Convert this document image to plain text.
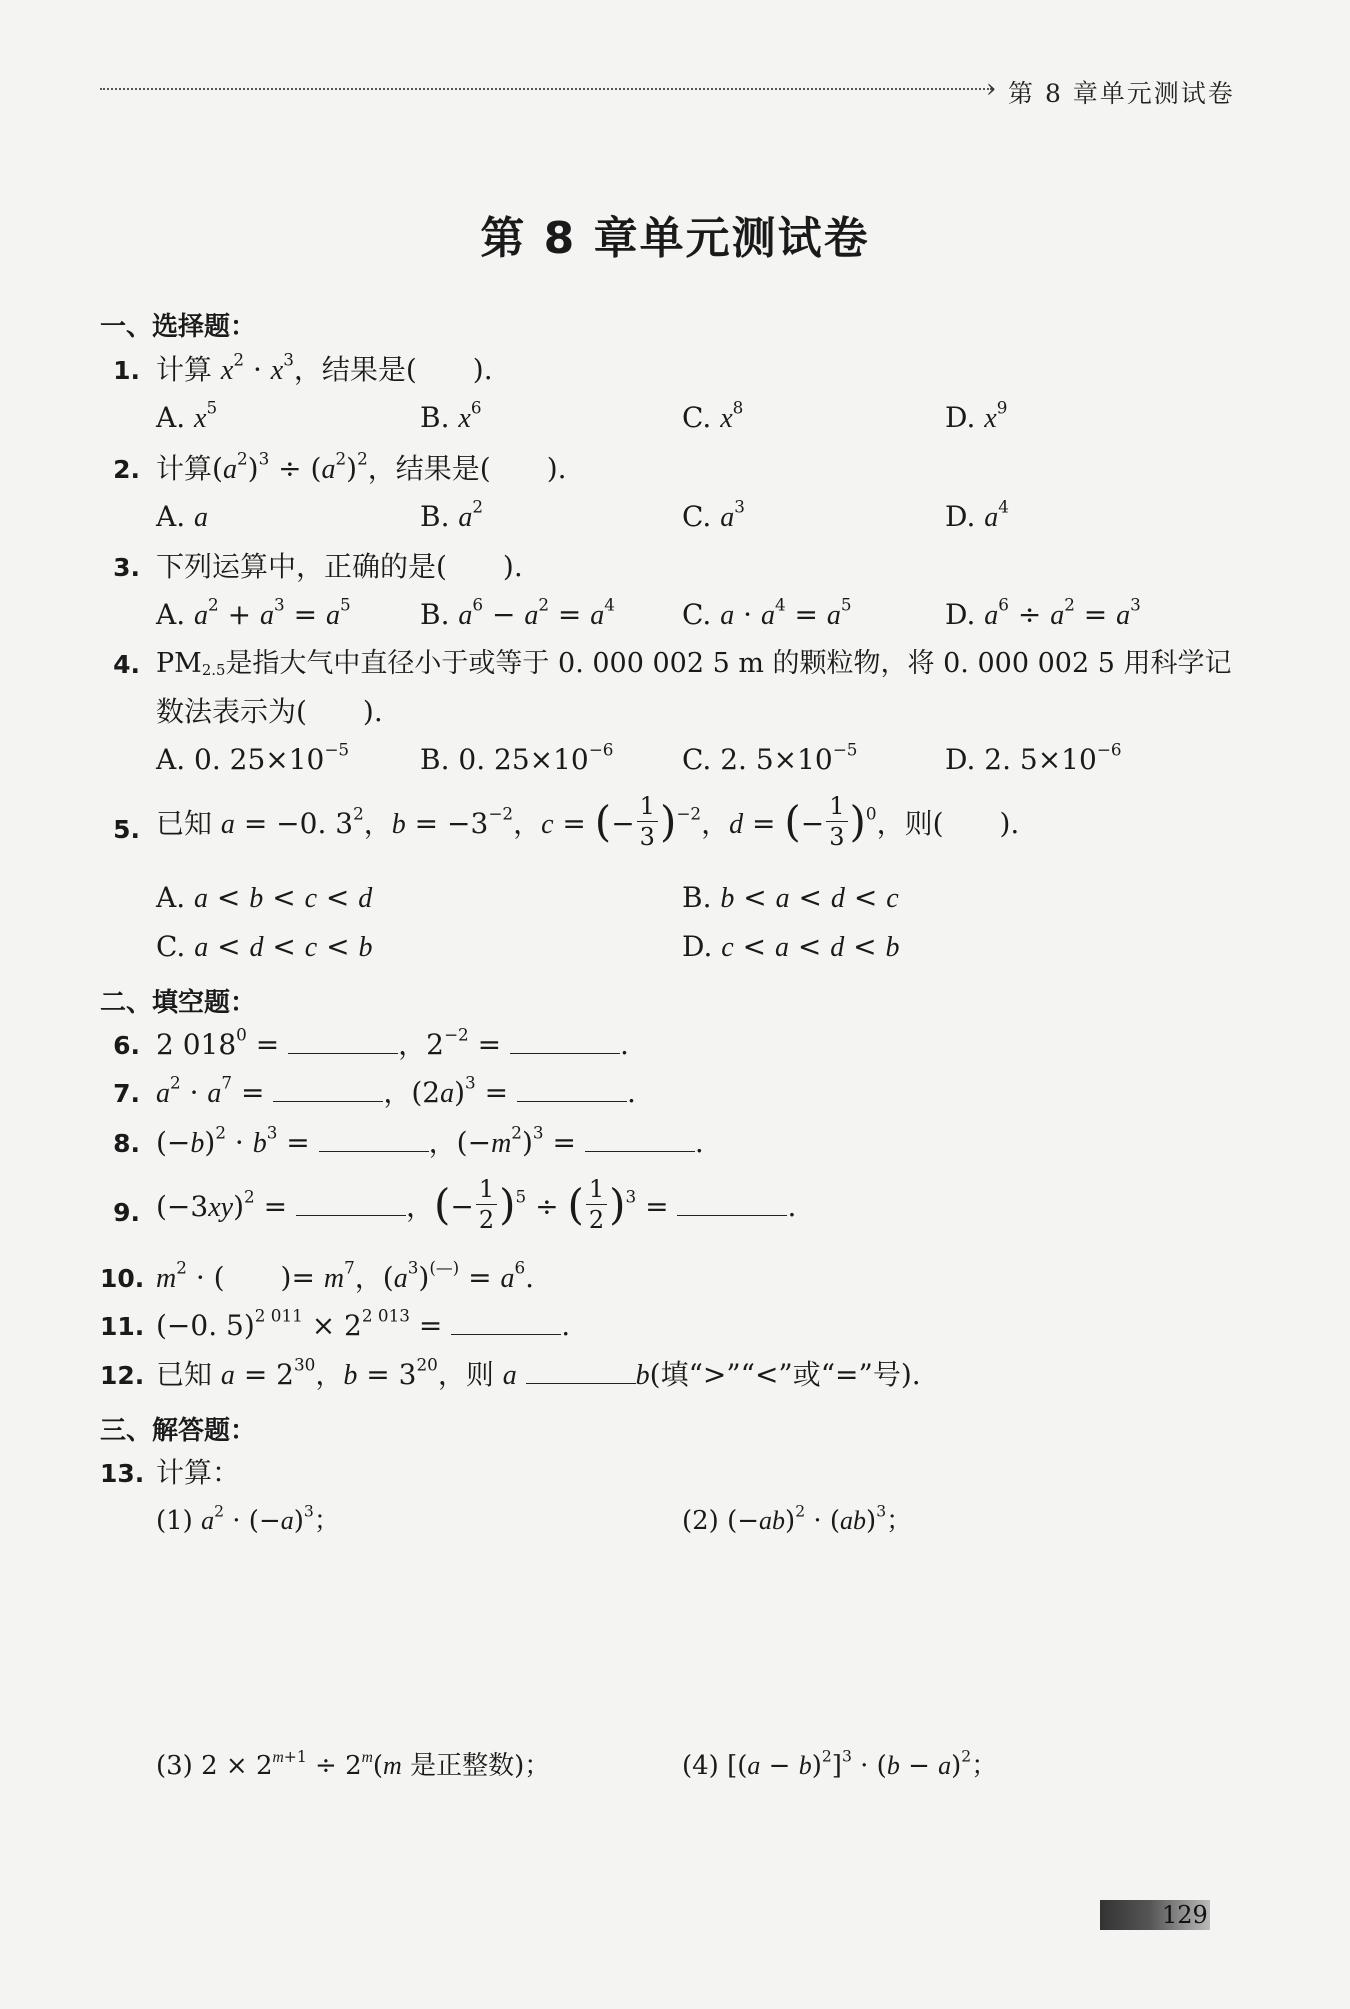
› 第 8 章单元测试卷
第 8 章单元测试卷
一、选择题：
1. 计算 $x^2 \cdot x^3$，结果是(　　).
A. $x^5$	B. $x^6$	C. $x^8$	D. $x^9$
2. 计算$(a^2)^3 \div (a^2)^2$，结果是(　　).
A. a	B. $a^2$	C. $a^3$	D. $a^4$
3. 下列运算中，正确的是(　　).
A. $a^2 + a^3 = a^5$ B. $a^6 - a^2 = a^4$ C. $a \cdot a^4 = a^5$	D. $a^6 \div a^2 = a^3$
4. $PM_{2.5}$是指大气中直径小于或等于 0. 000 002 5 m 的颗粒物，将 0. 000 002 5 用科学记
数法表示为(　　).
A. 0. $25\times 10^{-5}$	B. 0. $25\times 10^{-6}$ C. 2. $5\times 10^{-5}$	D. 2. $5\times 10^{-6}$
5. 已知 a = −0. $3^2$，$b = -3^{-2}$，c = (− $\frac{1}{3} )^{-2}$，d = (− $\frac{1}{3} )^0$，则(　　).
A. a < b < c < d	B. b < a < d < c
C. a < d < c < b	D. c < a < d < b
二、填空题：
6. 2 $018^0$ =	，$2^{-2}$ =	.
7. $a^2 \cdot a^7$ =	，$(2a)^3$ =	.
8. $(-b)^2 \cdot b^3$ =	，$(-m^2)^3$ =	.
9. $(-3xy)^2$ =	，(− $\frac{1}{2} )^5$ ÷ ( $\frac{1}{2} )^3$ =	.
10. $m^2$ · (　　)= $m^7$，$(a^3)^{(—)} = a^6$.
11. (−0. $5)^{2 011} \times 2^{2 013}$ =	.
12. 已知 $a = 2^{30}$，$b = 3^{20}$，则 a	b(填“>”“<”或“=”号).
三、解答题：
13. 计算：
(1) $a^2 \cdot (-a)^3$；	(2) $(-ab)^2 \cdot (ab)^3$；
(3) $2 \times 2^{m+1} \div 2^m(m$ 是正整数)；	(4) $[(a - b)^2]^3 \cdot (b - a)^2$；
129
